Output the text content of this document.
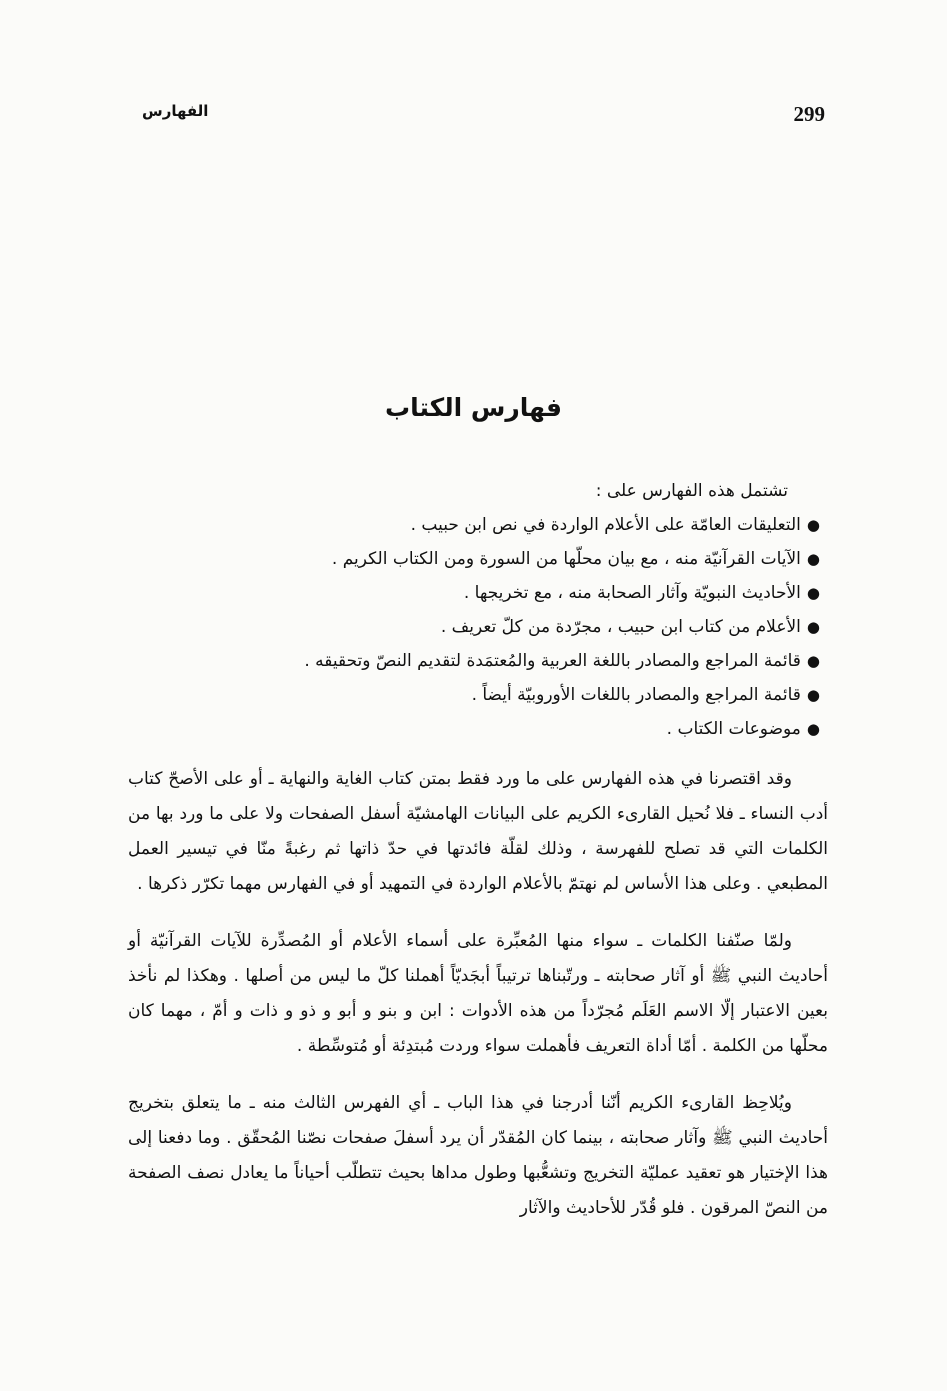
الفهارس	299
فهارس الكتاب

تشتمل هذه الفهارس على :

●التعليقات العامّة على الأعلام الواردة في نص ابن حبيب .
●الآيات القرآنيّة منه ، مع بيان محلّها من السورة ومن الكتاب الكريم .
●الأحاديث النبويّة وآثار الصحابة منه ، مع تخريجها .
●الأعلام من كتاب ابن حبيب ، مجرّدة من كلّ تعريف .
●قائمة المراجع والمصادر باللغة العربية والمُعتمَدة لتقديم النصّ وتحقيقه .
●قائمة المراجع والمصادر باللغات الأوروبيّة أيضاً .
●موضوعات الكتاب .

وقد اقتصرنا في هذه الفهارس على ما ورد فقط بمتن كتاب الغاية والنهاية ـ أو على الأصحّ كتاب أدب النساء ـ فلا نُحيل القارىء الكريم على البيانات الهامشيّة أسفل الصفحات ولا على ما ورد بها من الكلمات التي قد تصلح للفهرسة ، وذلك لقلّة فائدتها في حدّ ذاتها ثم رغبةً منّا في تيسير العمل المطبعي . وعلى هذا الأساس لم نهتمّ بالأعلام الواردة في التمهيد أو في الفهارس مهما تكرّر ذكرها .

ولمّا صنّفنا الكلمات ـ سواء منها المُعبِّرة على أسماء الأعلام أو المُصدِّرة للآيات القرآنيّة أو أحاديث النبي ﷺ أو آثار صحابته ـ ورتّبناها ترتيباً أبجَديّاً أهملنا كلّ ما ليس من أصلها . وهكذا لم نأخذ بعين الاعتبار إلّا الاسم العَلَم مُجرّداً من هذه الأدوات : ابن و بنو و أبو و ذو و ذات و أمّ ، مهما كان محلّها من الكلمة . أمّا أداة التعريف فأهملت سواء وردت مُبتدِئة أو مُتوسِّطة .

ويُلاحِظ القارىء الكريم أنّنا أدرجنا في هذا الباب ـ أي الفهرس الثالث منه ـ ما يتعلق بتخريج أحاديث النبي ﷺ وآثار صحابته ، بينما كان المُقدّر أن يرد أسفلَ صفحات نصّنا المُحقّق . وما دفعنا إلى هذا الإختيار هو تعقيد عمليّة التخريج وتشعُّبها وطول مداها بحيث تتطلّب أحياناً ما يعادل نصف الصفحة من النصّ المرقون . فلو قُدّر للأحاديث والآثار
